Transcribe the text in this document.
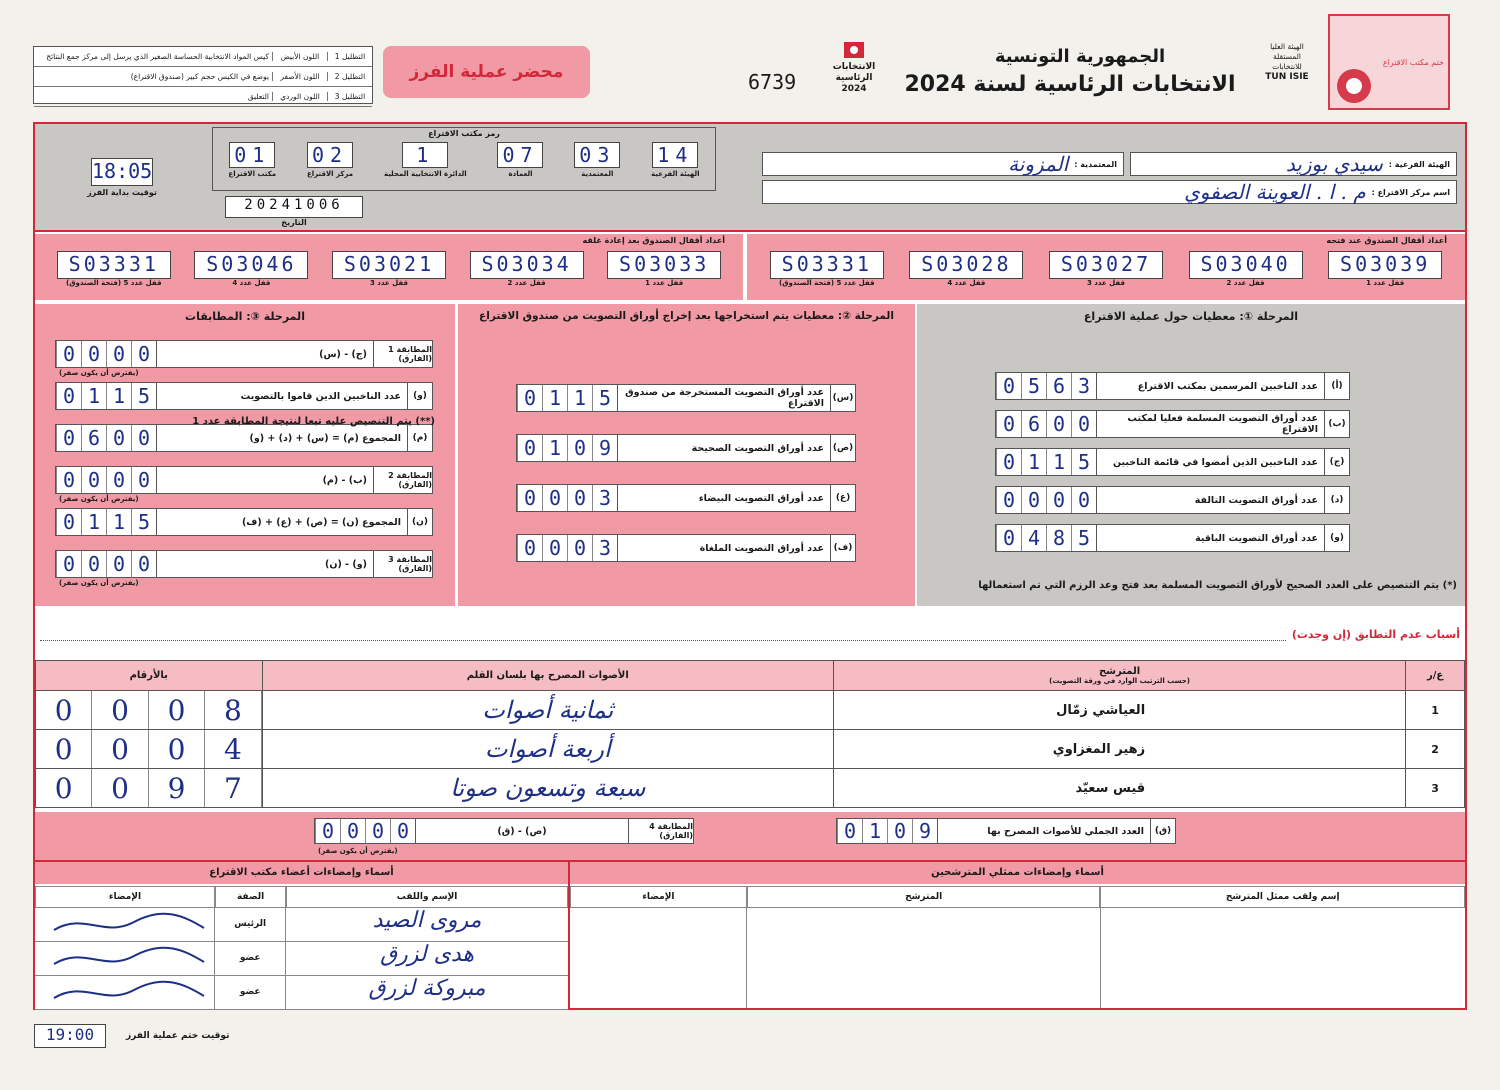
التظليل 1
اللون الأبيض
كيس المواد الانتخابية الحساسة الصغير الذي يرسل إلى مركز جمع النتائج
التظليل 2
اللون الأصفر
يوضع في الكيس حجم كبير (صندوق الاقتراع)
التظليل 3
اللون الوردي
التعليق
محضر عملية الفرز	6739
الانتخابات الرئاسية 2024
الجمهورية التونسية
الانتخابات الرئاسية لسنة 2024
الهيئة العليا المستقلة للانتخابات
TUN ISIE
ختم مكتب الاقتراع
18:05
توقيت بداية الفرز
رمز مكتب الاقتراع
14
الهيئة الفرعية
03
المعتمدية
07
العمادة
1
الدائرة الانتخابية المحلية
02
مركز الاقتراع
01
مكتب الاقتراع
20241006
التاريخ
الهيئة الفرعية :
سيدي بوزيد
المعتمدية :
المزونة
اسم مركز الاقتراع :
م . ا . العوينة الصفوي
أعداد أقفال الصندوق بعد إعادة غلقه
S03033
قفل عدد 1
S03034
قفل عدد 2
S03021
قفل عدد 3
S03046
قفل عدد 4
S03331
قفل عدد 5 (فتحة الصندوق)
أعداد أقفال الصندوق عند فتحه
S03039
قفل عدد 1
S03040
قفل عدد 2
S03027
قفل عدد 3
S03028
قفل عدد 4
S03331
قفل عدد 5 (فتحة الصندوق)
المرحلة ①: معطيات حول عملية الاقتراع
(أ)
عدد الناخبين المرسمين بمكتب الاقتراع
0 5 6 3
(ب)
عدد أوراق التصويت المسلمة فعليا لمكتب الاقتراع
0 6 0 0
(ج)
عدد الناخبين الذين أمضوا في قائمة الناخبين
0 1 1 5
(د)
عدد أوراق التصويت التالفة
0 0 0 0
(و)
عدد أوراق التصويت الباقية
0 4 8 5
(*) يتم التنصيص على العدد الصحيح لأوراق التصويت المسلمة بعد فتح وعد الرزم التي تم استعمالها
المرحلة ②: معطيات يتم استخراجها بعد إخراج أوراق التصويت من صندوق الاقتراع
(س)
عدد أوراق التصويت المستخرجة من صندوق الاقتراع
0 1 1 5
(ص)
عدد أوراق التصويت الصحيحة
0 1 0 9
(ع)
عدد أوراق التصويت البيضاء
0 0 0 3
(ف)
عدد أوراق التصويت الملغاة
0 0 0 3
المرحلة ③: المطابقات
المطابقة 1 (الفارق)
(ج) - (س)
0 0 0 0
(يفترض أن يكون صفر)
(و)
عدد الناخبين الذين قاموا بالتصويت
0 1 1 5
(م)
المجموع (م) = (س) + (د) + (و)
0 6 0 0
المطابقة 2 (الفارق)
(ب) - (م)
0 0 0 0
(يفترض أن يكون صفر)
(ن)
المجموع (ن) = (ص) + (ع) + (ف)
0 1 1 5
المطابقة 3 (الفارق)
(و) - (ن)
0 0 0 0
(يفترض أن يكون صفر)
(**) يتم التنصيص عليه تبعا لنتيجة المطابقة عدد 1
أسباب عدم التطابق (إن وجدت)
ع/ر	المترشح
(حسب الترتيب الوارد في ورقة التصويت)	الأصوات المصرح بها بلسان القلم	بالأرقام
1	العياشي زمّال	ثمانية أصوات	0 0 0 8

2	زهير المغزاوي	أربعة أصوات	0 0 0 4

3	قيس سعيّد	سبعة وتسعون صوتا	0 0 9 7
(ق)
العدد الجملي للأصوات المصرح بها
0 1 0 9
المطابقة 4 (الفارق)
(ص) - (ق)
0 0 0 0
(يفترض أن يكون صفر)
أسماء وإمضاءات ممثلي المترشحين
أسماء وإمضاءات أعضاء مكتب الاقتراع
إسم ولقب ممثل المترشح
المترشح
الإمضاء
الإسم واللقب
الصفة
الإمضاء
مروى الصيد
الرئيس
هدى لزرق
عضو
مبروكة لزرق
عضو
19:00	توقيت ختم عملية الفرز
